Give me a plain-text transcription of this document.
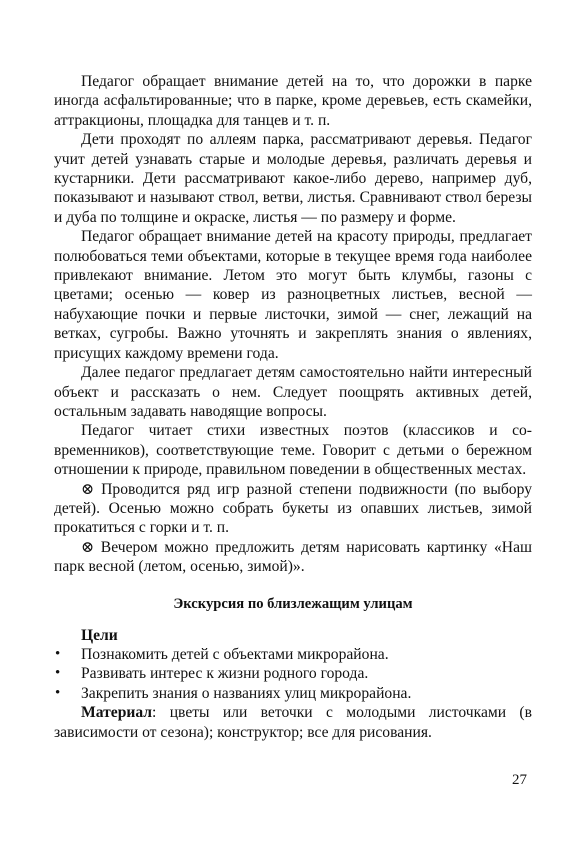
Педагог обращает внимание детей на то, что дорожки в парке иногда асфальтированные; что в парке, кроме деревьев, есть скамейки, аттракционы, площадка для танцев и т. п.

Дети проходят по аллеям парка, рассматривают деревья. Педагог учит детей узнавать старые и молодые деревья, различать деревья и кустарники. Дети рассматривают какое-либо дерево, например дуб, показывают и называют ствол, ветви, листья. Сравнивают ствол березы и дуба по толщине и окраске, листья — по размеру и форме.

Педагог обращает внимание детей на красоту природы, предлагает полюбоваться теми объектами, которые в текущее время года наиболее привлекают внимание. Летом это могут быть клумбы, газоны с цветами; осенью — ковер из разноцветных листьев, весной — набухающие почки и первые листочки, зимой — снег, лежащий на ветках, сугробы. Важно уточнять и закреплять знания о явлениях, присущих каждому времени года.

Далее педагог предлагает детям самостоятельно найти интересный объект и рассказать о нем. Следует поощрять активных детей, остальным задавать наводящие вопросы.

Педагог читает стихи известных поэтов (классиков и современников), соответствующие теме. Говорит с детьми о бережном отношении к природе, правильном поведении в общественных местах.

⊗ Проводится ряд игр разной степени подвижности (по выбору детей). Осенью можно собрать букеты из опавших листьев, зимой прокатиться с горки и т. п.

⊗ Вечером можно предложить детям нарисовать картинку «Наш парк весной (летом, осенью, зимой)».

Экскурсия по близлежащим улицам
Цели
• Познакомить детей с объектами микрорайона.
• Развивать интерес к жизни родного города.
• Закрепить знания о названиях улиц микрорайона.

Материал: цветы или веточки с молодыми листочками (в зависимости от сезона); конструктор; все для рисования.

27
